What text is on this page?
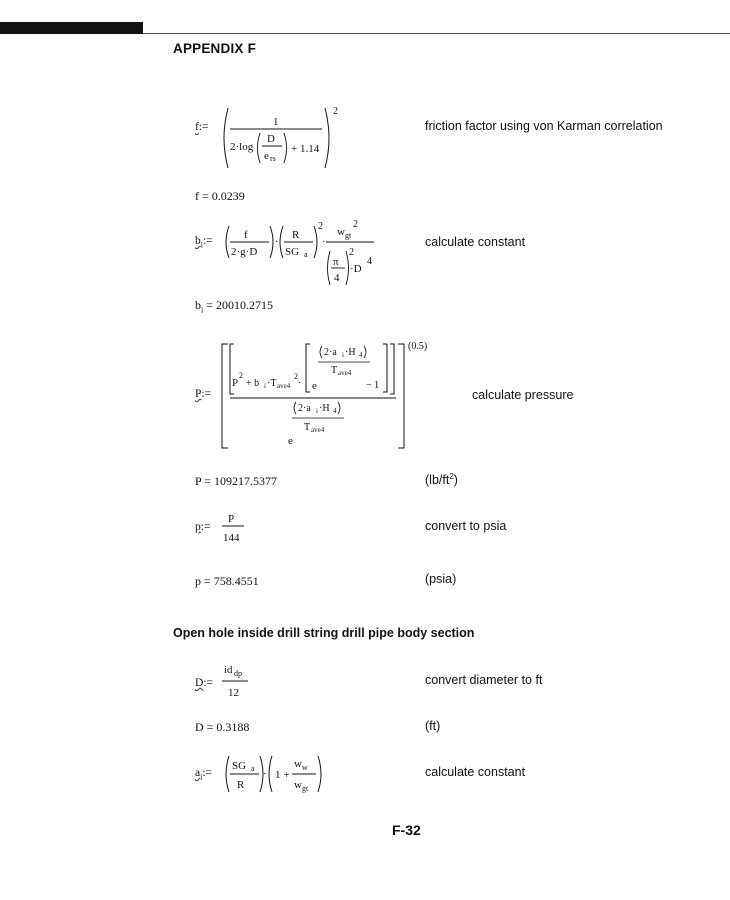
APPENDIX F
f:=	1
2·log
D
e rs
+ 1.14
2
friction factor using von Karman correlation
f = 0.0239
$b_i:=$	f
2·g·D
·
R
SG a
2
·
w gt
2
π
4
2
·D
4
calculate constant
$b_i = 20010.2715$
P:=
(0.5)
2·a i ·H 4
T ave4
P
2
+ b i ·T ave4
2
· e	− 1
2·a i ·H 4
T ave4
e
calculate pressure
P = 109217.5377	$(lb/ft^2)$
p:=
P
144
convert to psia
p = 758.4551	(psia)
Open hole inside drill string drill pipe body section
D:=
id dp
12
convert diameter to ft
D = 0.3188	(ft)
$a_i:=$
SG a
R
· 1 +
w w
w gt
calculate constant
F-32
